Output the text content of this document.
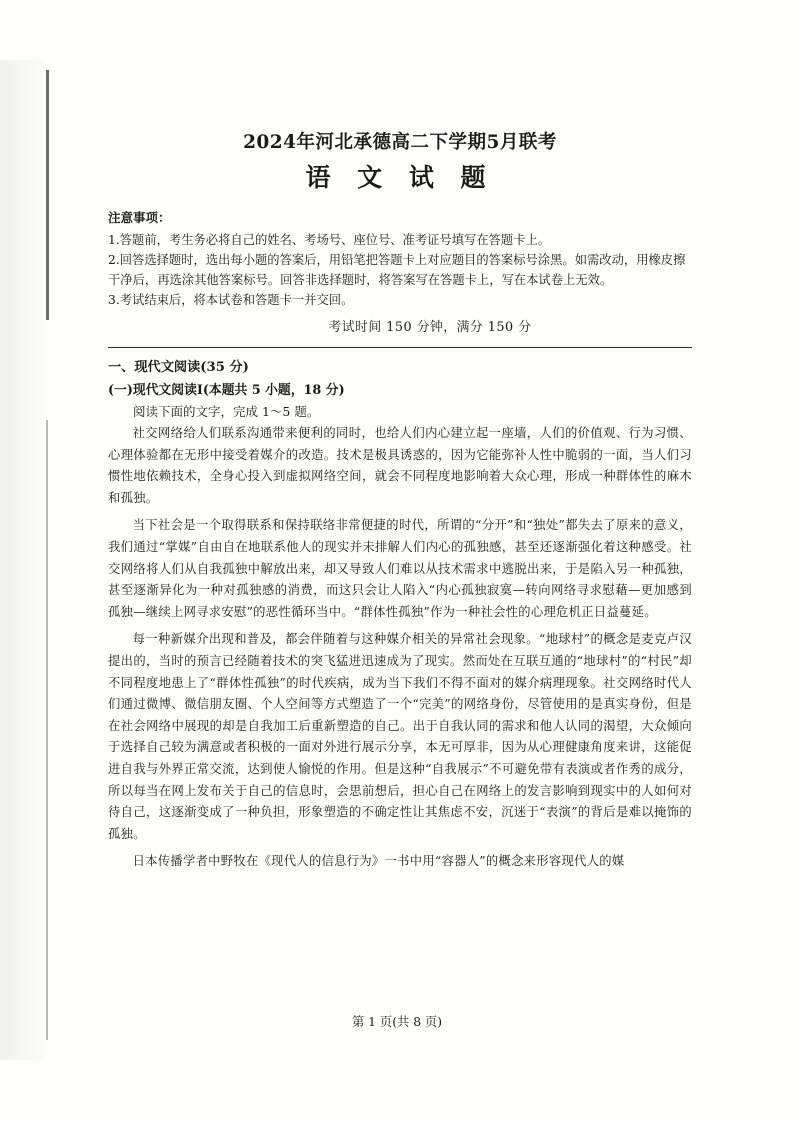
2024年河北承德高二下学期5月联考
语 文 试 题
注意事项：

1.答题前，考生务必将自己的姓名、考场号、座位号、准考证号填写在答题卡上。

2.回答选择题时，选出每小题的答案后，用铅笔把答题卡上对应题目的答案标号涂黑。如需改动，用橡皮擦干净后，再选涂其他答案标号。回答非选择题时，将答案写在答题卡上，写在本试卷上无效。

3.考试结束后，将本试卷和答题卡一并交回。

考试时间 150 分钟，满分 150 分
一、现代文阅读(35 分)
(一)现代文阅读Ⅰ(本题共 5 小题，18 分)

阅读下面的文字，完成 1～5 题。

社交网络给人们联系沟通带来便利的同时，也给人们内心建立起一座墙，人们的价值观、行为习惯、心理体验都在无形中接受着媒介的改造。技术是极具诱惑的，因为它能弥补人性中脆弱的一面，当人们习惯性地依赖技术，全身心投入到虚拟网络空间，就会不同程度地影响着大众心理，形成一种群体性的麻木和孤独。

当下社会是一个取得联系和保持联络非常便捷的时代，所谓的“分开”和“独处”都失去了原来的意义，我们通过“掌媒”自由自在地联系他人的现实并未排解人们内心的孤独感，甚至还逐渐强化着这种感受。社交网络将人们从自我孤独中解放出来，却又导致人们难以从技术需求中逃脱出来，于是陷入另一种孤独，甚至逐渐异化为一种对孤独感的消费，而这只会让人陷入“内心孤独寂寞—转向网络寻求慰藉—更加感到孤独—继续上网寻求安慰”的恶性循环当中。“群体性孤独”作为一种社会性的心理危机正日益蔓延。

每一种新媒介出现和普及，都会伴随着与这种媒介相关的异常社会现象。“地球村”的概念是麦克卢汉提出的，当时的预言已经随着技术的突飞猛进迅速成为了现实。然而处在互联互通的“地球村”的“村民”却不同程度地患上了“群体性孤独”的时代疾病，成为当下我们不得不面对的媒介病理现象。社交网络时代人们通过微博、微信朋友圈、个人空间等方式塑造了一个“完美”的网络身份，尽管使用的是真实身份，但是在社会网络中展现的却是自我加工后重新塑造的自己。出于自我认同的需求和他人认同的渴望，大众倾向于选择自己较为满意或者积极的一面对外进行展示分享，本无可厚非，因为从心理健康角度来讲，这能促进自我与外界正常交流，达到使人愉悦的作用。但是这种“自我展示”不可避免带有表演或者作秀的成分，所以每当在网上发布关于自己的信息时，会思前想后，担心自己在网络上的发言影响到现实中的人如何对待自己，这逐渐变成了一种负担，形象塑造的不确定性让其焦虑不安，沉迷于“表演”的背后是难以掩饰的孤独。

日本传播学者中野牧在《现代人的信息行为》一书中用“容器人”的概念来形容现代人的媒

第 1 页(共 8 页)
